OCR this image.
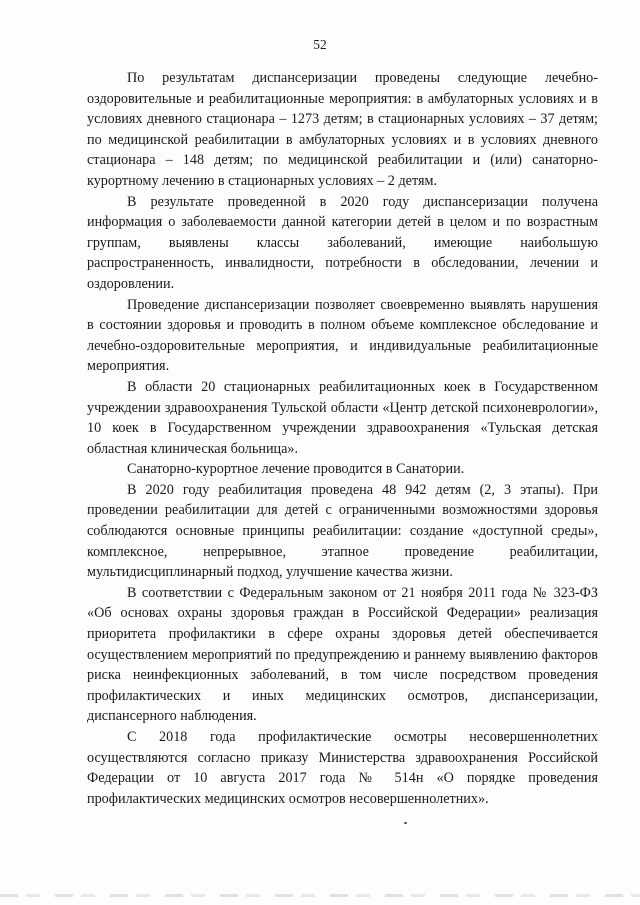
52

По результатам диспансеризации проведены следующие лечебно-оздоровительные и реабилитационные мероприятия: в амбулаторных условиях и в условиях дневного стационара – 1273 детям; в стационарных условиях – 37 детям; по медицинской реабилитации в амбулаторных условиях и в условиях дневного стационара – 148 детям; по медицинской реабилитации и (или) санаторно-курортному лечению в стационарных условиях – 2 детям.

В результате проведенной в 2020 году диспансеризации получена информация о заболеваемости данной категории детей в целом и по возрастным группам, выявлены классы заболеваний, имеющие наибольшую распространенность, инвалидности, потребности в обследовании, лечении и оздоровлении.

Проведение диспансеризации позволяет своевременно выявлять нарушения в состоянии здоровья и проводить в полном объеме комплексное обследование и лечебно-оздоровительные мероприятия, и индивидуальные реабилитационные мероприятия.

В области 20 стационарных реабилитационных коек в Государственном учреждении здравоохранения Тульской области «Центр детской психоневрологии», 10 коек в Государственном учреждении здравоохранения «Тульская детская областная клиническая больница».

Санаторно-курортное лечение проводится в Санатории.

В 2020 году реабилитация проведена 48 942 детям (2, 3 этапы). При проведении реабилитации для детей с ограниченными возможностями здоровья соблюдаются основные принципы реабилитации: создание «доступной среды», комплексное, непрерывное, этапное проведение реабилитации, мультидисциплинарный подход, улучшение качества жизни.

В соответствии с Федеральным законом от 21 ноября 2011 года № 323-ФЗ «Об основах охраны здоровья граждан в Российской Федерации» реализация приоритета профилактики в сфере охраны здоровья детей обеспечивается осуществлением мероприятий по предупреждению и раннему выявлению факторов риска неинфекционных заболеваний, в том числе посредством проведения профилактических и иных медицинских осмотров, диспансеризации, диспансерного наблюдения.

С 2018 года профилактические осмотры несовершеннолетних осуществляются согласно приказу Министерства здравоохранения Российской Федерации от 10 августа 2017 года № 514н «О порядке проведения профилактических медицинских осмотров несовершеннолетних».
